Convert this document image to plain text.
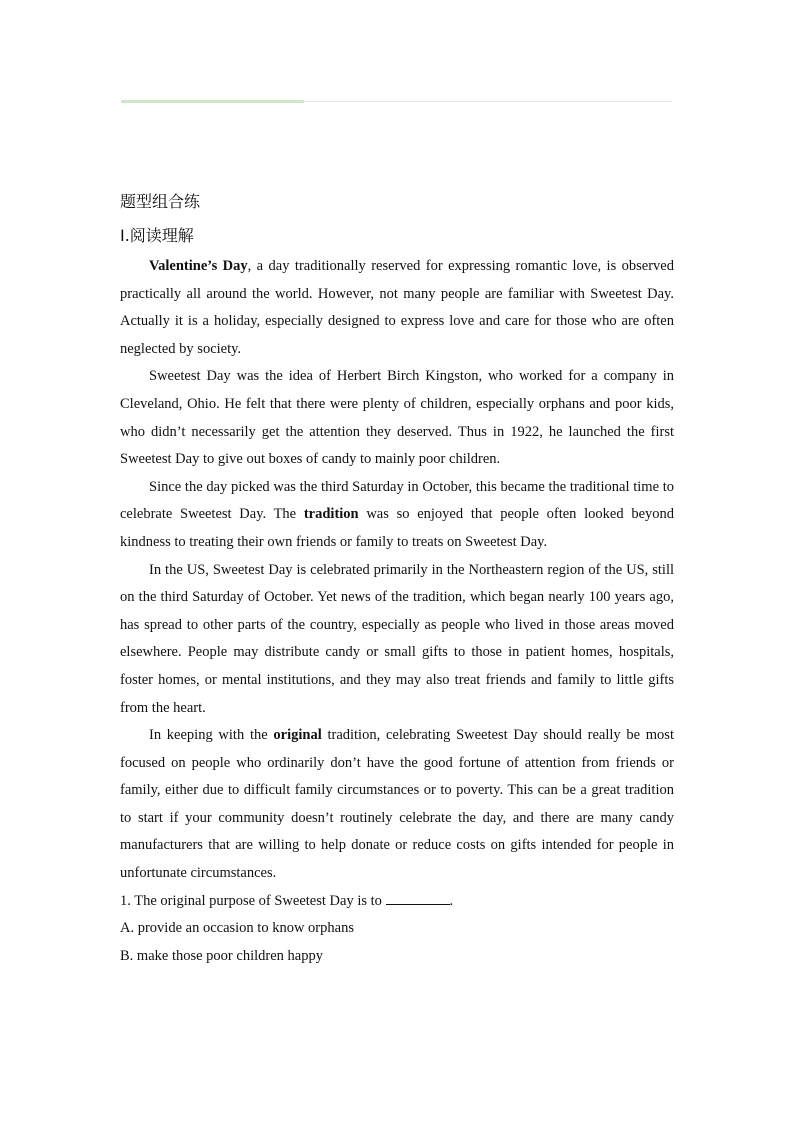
题型组合练
Ⅰ.阅读理解

Valentine’s Day, a day traditionally reserved for expressing romantic love, is observed practically all around the world. However, not many people are familiar with Sweetest Day. Actually it is a holiday, especially designed to express love and care for those who are often neglected by society.

Sweetest Day was the idea of Herbert Birch Kingston, who worked for a company in Cleveland, Ohio. He felt that there were plenty of children, especially orphans and poor kids, who didn’t necessarily get the attention they deserved. Thus in 1922, he launched the first Sweetest Day to give out boxes of candy to mainly poor children.

Since the day picked was the third Saturday in October, this became the traditional time to celebrate Sweetest Day. The tradition was so enjoyed that people often looked beyond kindness to treating their own friends or family to treats on Sweetest Day.

In the US, Sweetest Day is celebrated primarily in the Northeastern region of the US, still on the third Saturday of October. Yet news of the tradition, which began nearly 100 years ago, has spread to other parts of the country, especially as people who lived in those areas moved elsewhere. People may distribute candy or small gifts to those in patient homes, hospitals, foster homes, or mental institutions, and they may also treat friends and family to little gifts from the heart.

In keeping with the original tradition, celebrating Sweetest Day should really be most focused on people who ordinarily don’t have the good fortune of attention from friends or family, either due to difficult family circumstances or to poverty. This can be a great tradition to start if your community doesn’t routinely celebrate the day, and there are many candy manufacturers that are willing to help donate or reduce costs on gifts intended for people in unfortunate circumstances.

1. The original purpose of Sweetest Day is to	.
A. provide an occasion to know orphans
B. make those poor children happy
